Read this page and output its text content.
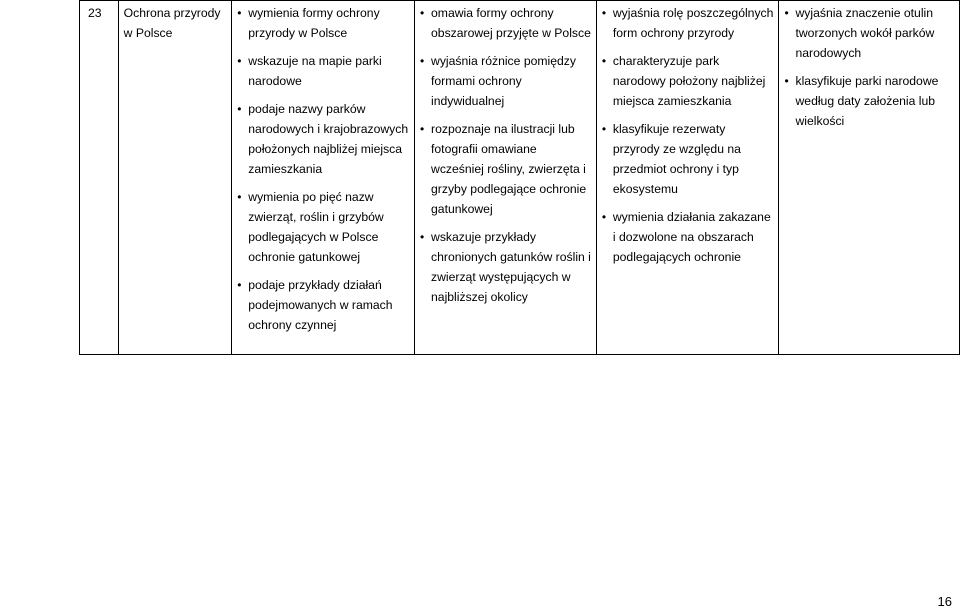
23	Ochrona przyrody w Polsce	
• wymienia formy ochrony przyrody w Polsce
• wskazuje na mapie parki narodowe
• podaje nazwy parków narodowych i krajobrazowych położonych najbliżej miejsca zamieszkania
• wymienia po pięć nazw zwierząt, roślin i grzybów podlegających w Polsce ochronie gatunkowej
• podaje przykłady działań podejmowanych w ramach ochrony czynnej

• omawia formy ochrony obszarowej przyjęte w Polsce
• wyjaśnia różnice pomiędzy formami ochrony indywidualnej
• rozpoznaje na ilustracji lub fotografii omawiane wcześniej rośliny, zwierzęta i grzyby podlegające ochronie gatunkowej
• wskazuje przykłady chronionych gatunków roślin i zwierząt występujących w najbliższej okolicy

• wyjaśnia rolę poszczególnych form ochrony przyrody
• charakteryzuje park narodowy położony najbliżej miejsca zamieszkania
• klasyfikuje rezerwaty przyrody ze względu na przedmiot ochrony i typ ekosystemu
• wymienia działania zakazane i dozwolone na obszarach podlegających ochronie

• wyjaśnia znaczenie otulin tworzonych wokół parków narodowych
• klasyfikuje parki narodowe według daty założenia lub wielkości
16
